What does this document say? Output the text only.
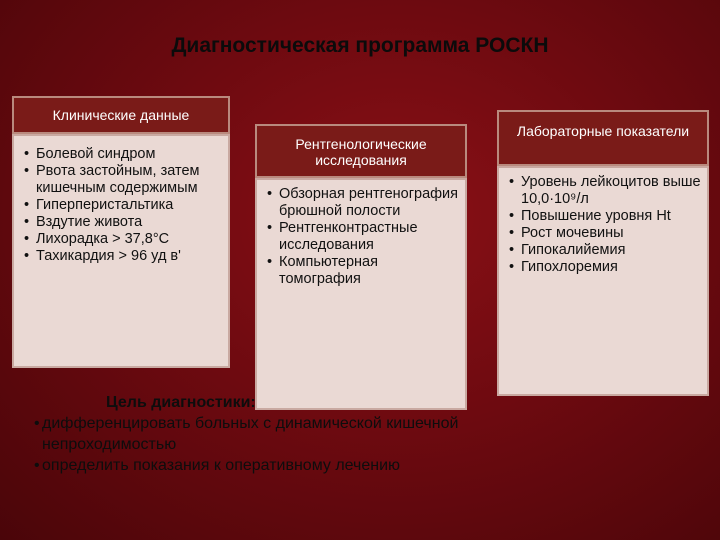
Диагностическая программа РОСКН
Клинические данные
• Болевой синдром
• Рвота застойным, затем кишечным содержимым
• Гиперперистальтика
• Вздутие живота
• Лихорадка > 37,8°С
• Тахикардия > 96 уд в'
Рентгенологические исследования
• Обзорная рентгенография брюшной полости
• Рентгенконтрастные исследования
• Компьютерная томография
Лабораторные показатели
• Уровень лейкоцитов выше 10,0·10⁹/л
• Повышение уровня Ht
• Рост мочевины
• Гипокалийемия
• Гипохлоремия
Цель диагностики:
• дифференцировать больных с динамической кишечной непроходимостью
• определить показания к оперативному лечению
